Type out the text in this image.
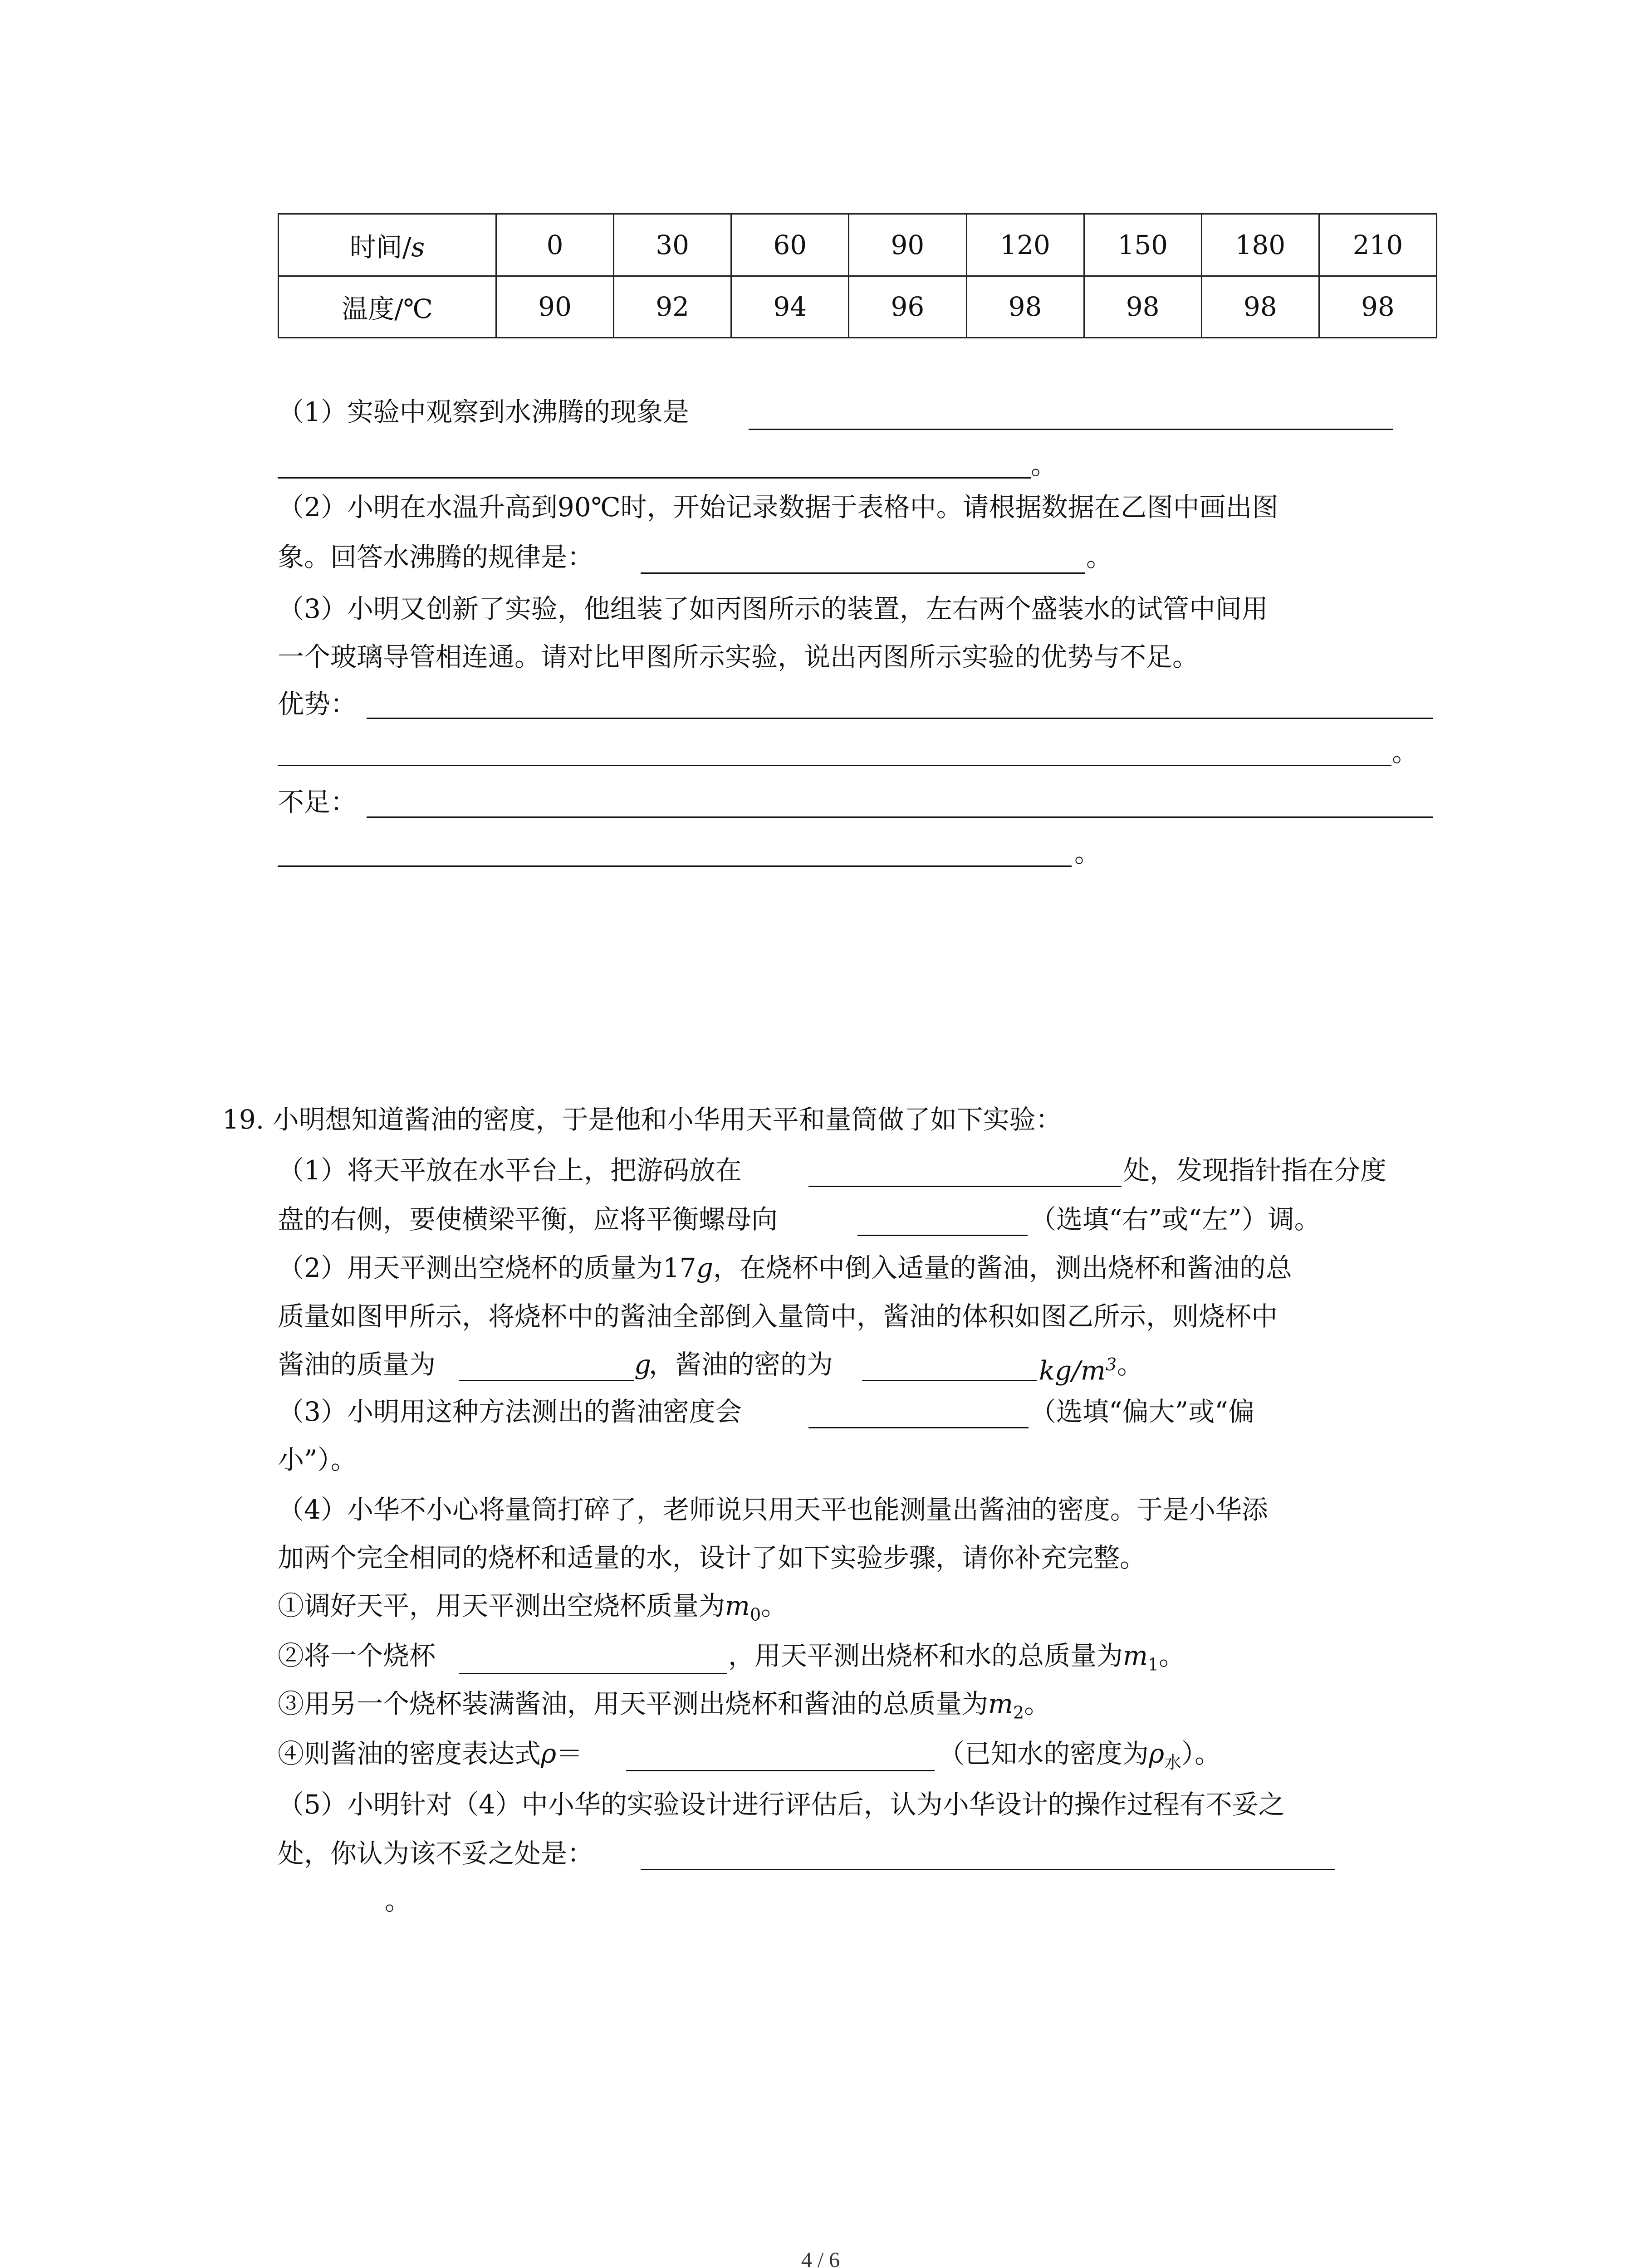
时间/s	0	30	60	90	120	150	180	210
温度/℃	90	92	94	96	98	98	98	98
（1）实验中观察到水沸腾的现象是
。
（2）小明在水温升高到90℃时，开始记录数据于表格中。请根据数据在乙图中画出图
象。回答水沸腾的规律是：	。
（3）小明又创新了实验，他组装了如丙图所示的装置，左右两个盛装水的试管中间用
一个玻璃导管相连通。请对比甲图所示实验，说出丙图所示实验的优势与不足。
优势：
。
不足：
。
19. 小明想知道酱油的密度，于是他和小华用天平和量筒做了如下实验：
（1）将天平放在水平台上，把游码放在	处，发现指针指在分度
盘的右侧，要使横梁平衡，应将平衡螺母向	（选填“右”或“左”）调。
（2）用天平测出空烧杯的质量为17g，在烧杯中倒入适量的酱油，测出烧杯和酱油的总
质量如图甲所示，将烧杯中的酱油全部倒入量筒中，酱油的体积如图乙所示，则烧杯中
酱油的质量为	g
，酱油的密的为	$kg/m^3$ 。
（3）小明用这种方法测出的酱油密度会	（选填“偏大”或“偏
小”）。
（4）小华不小心将量筒打碎了，老师说只用天平也能测量出酱油的密度。于是小华添
加两个完全相同的烧杯和适量的水，设计了如下实验步骤，请你补充完整。
①调好天平，用天平测出空烧杯质量为$m_0$。
②将一个烧杯	，用天平测出烧杯和水的总质量为$m_1$。
③用另一个烧杯装满酱油，用天平测出烧杯和酱油的总质量为$m_2$。
④则酱油的密度表达式ρ＝	（已知水的密度为$\rho_水$）。
（5）小明针对（4）中小华的实验设计进行评估后，认为小华设计的操作过程有不妥之
处，你认为该不妥之处是：
。
4 / 6
